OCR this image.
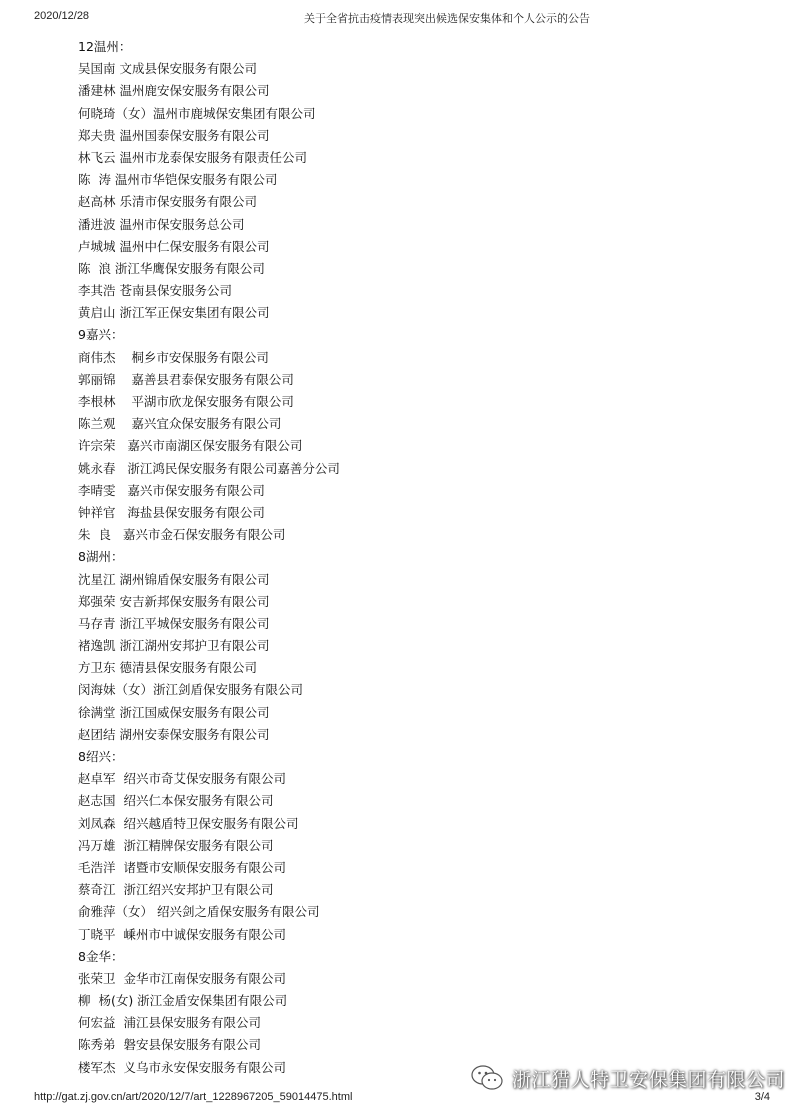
2020/12/28	关于全省抗击疫情表现突出候选保安集体和个人公示的公告
12温州：
吴国南 文成县保安服务有限公司
潘建林 温州鹿安保安服务有限公司
何晓琦（女）温州市鹿城保安集团有限公司
郑夫贵 温州国泰保安服务有限公司
林飞云 温州市龙泰保安服务有限责任公司
陈  涛 温州市华铠保安服务有限公司
赵高林 乐清市保安服务有限公司
潘进波 温州市保安服务总公司
卢城城 温州中仁保安服务有限公司
陈  浪 浙江华鹰保安服务有限公司
李其浩 苍南县保安服务公司
黄启山 浙江军正保安集团有限公司
9嘉兴：
商伟杰    桐乡市安保服务有限公司
郭丽锦    嘉善县君泰保安服务有限公司
李根林    平湖市欣龙保安服务有限公司
陈兰观    嘉兴宜众保安服务有限公司
许宗荣   嘉兴市南湖区保安服务有限公司
姚永春   浙江鸿民保安服务有限公司嘉善分公司
李晴雯   嘉兴市保安服务有限公司
钟祥官   海盐县保安服务有限公司
朱  良   嘉兴市金石保安服务有限公司
8湖州：
沈星江 湖州锦盾保安服务有限公司
郑强荣 安吉新邦保安服务有限公司
马存青 浙江平城保安服务有限公司
褚逸凯 浙江湖州安邦护卫有限公司
方卫东 德清县保安服务有限公司
闵海妹（女）浙江剑盾保安服务有限公司
徐满堂 浙江国威保安服务有限公司
赵团结 湖州安泰保安服务有限公司
8绍兴：
赵卓军  绍兴市奇艾保安服务有限公司
赵志国  绍兴仁本保安服务有限公司
刘凤森  绍兴越盾特卫保安服务有限公司
冯万雄  浙江精牌保安服务有限公司
毛浩洋  诸暨市安顺保安服务有限公司
蔡奇江  浙江绍兴安邦护卫有限公司
俞雅萍（女） 绍兴剑之盾保安服务有限公司
丁晓平  嵊州市中诚保安服务有限公司
8金华：
张荣卫  金华市江南保安服务有限公司
柳  杨(女) 浙江金盾安保集团有限公司
何宏益  浦江县保安服务有限公司
陈秀弟  磐安县保安服务有限公司
楼军杰  义乌市永安保安服务有限公司
浙江猎人特卫安保集团有限公司
http://gat.zj.gov.cn/art/2020/12/7/art_1228967205_59014475.html	3/4
